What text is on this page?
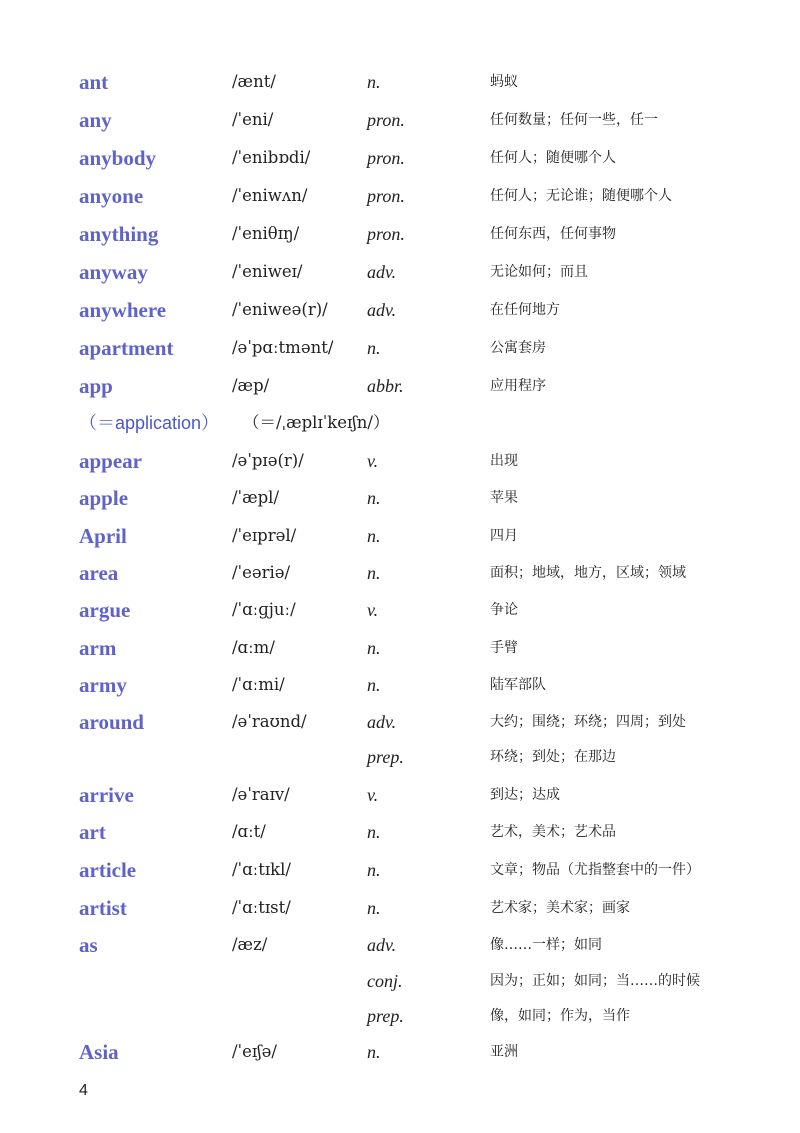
ant	/ænt/	n.	蚂蚁
any	/ˈeni/	pron.	任何数量；任何一些，任一
anybody	/ˈenibɒdi/	pron.	任何人；随便哪个人
anyone	/ˈeniwʌn/	pron.	任何人；无论谁；随便哪个人
anything	/ˈeniθɪŋ/	pron.	任何东西，任何事物
anyway	/ˈeniweɪ/	adv.	无论如何；而且
anywhere	/ˈeniweə(r)/ adv.	在任何地方
apartment	/əˈpɑːtmənt/ n.	公寓套房
app	/æp/	abbr.	应用程序
（＝application） （＝/ˌæplɪˈkeɪʃn/）
appear	/əˈpɪə(r)/	v.	出现
apple	/ˈæpl/	n.	苹果
April	/ˈeɪprəl/	n.	四月
area	/ˈeəriə/	n.	面积；地域，地方，区域；领域
argue	/ˈɑːɡjuː/	v.	争论
arm	/ɑːm/	n.	手臂
army	/ˈɑːmi/	n.	陆军部队
around	/əˈraʊnd/	adv.	大约；围绕；环绕；四周；到处
prep.	环绕；到处；在那边
arrive	/əˈraɪv/	v.	到达；达成
art	/ɑːt/	n.	艺术，美术；艺术品
article	/ˈɑːtɪkl/	n.	文章；物品（尤指整套中的一件）
artist	/ˈɑːtɪst/	n.	艺术家；美术家；画家
as	/æz/	adv.	像……一样；如同
conj.	因为；正如；如同；当……的时候
prep.	像，如同；作为，当作
Asia	/ˈeɪʃə/	n.	亚洲
4
